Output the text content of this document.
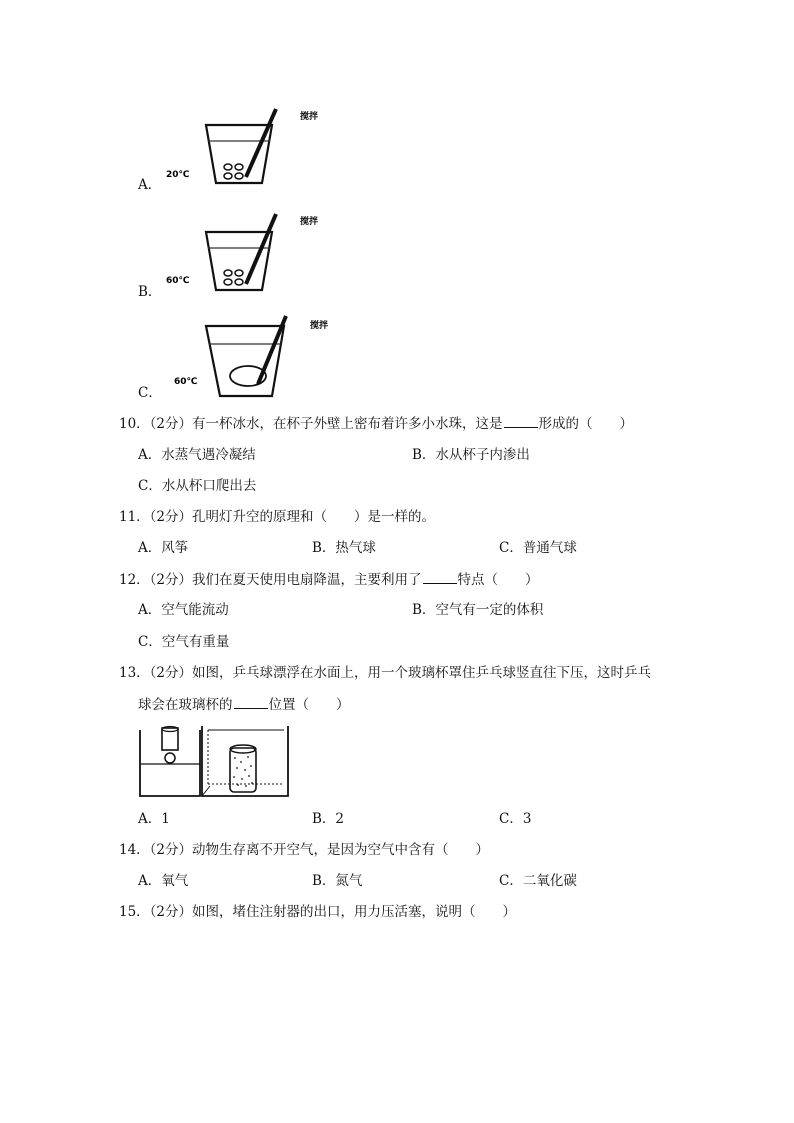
A．
20℃
搅拌
B．
60℃
搅拌
C．
60℃
搅拌
10．（2分）有一杯冰水，在杯子外壁上密布着许多小水珠，这是	形成的（　　）
A．水蒸气遇冷凝结	B．水从杯子内渗出
C．水从杯口爬出去
11．（2分）孔明灯升空的原理和（　　）是一样的。
A．风筝	B．热气球	C．普通气球
12．（2分）我们在夏天使用电扇降温，主要利用了	特点（　　）
A．空气能流动	B．空气有一定的体积
C．空气有重量
13．（2分）如图，乒乓球漂浮在水面上，用一个玻璃杯罩住乒乓球竖直往下压，这时乒乓
球会在玻璃杯的	位置（　　）
A．1	B．2	C．3
14．（2分）动物生存离不开空气，是因为空气中含有（　　）
A．氧气	B．氮气	C．二氧化碳
15．（2分）如图，堵住注射器的出口，用力压活塞，说明（　　）
